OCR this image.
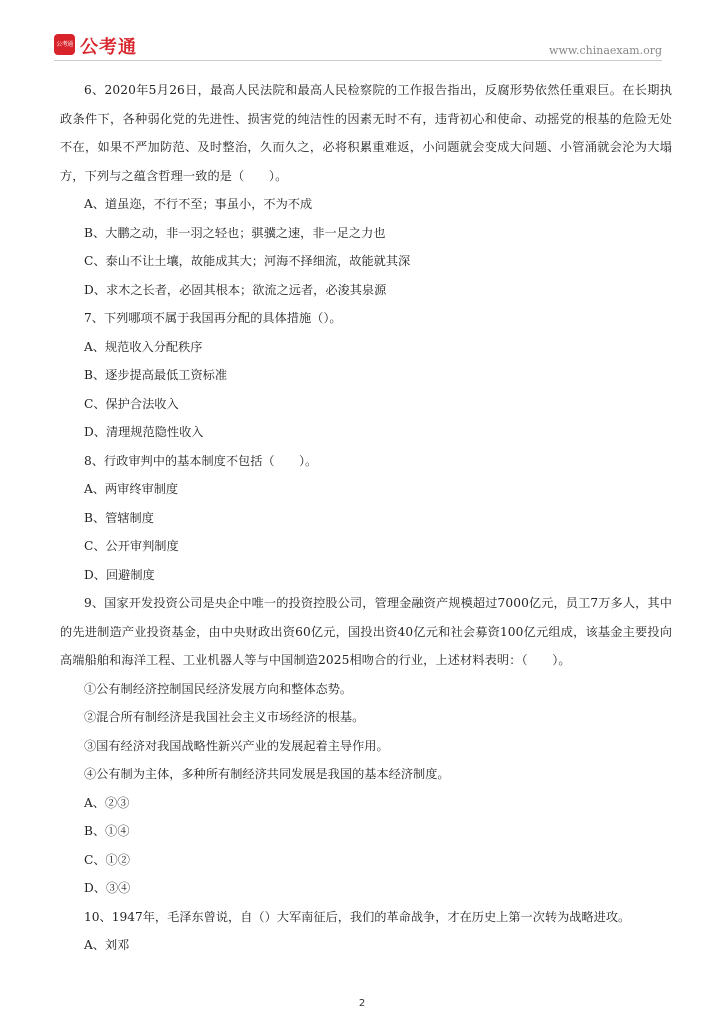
公考通 公考通	www.chinaexam.org

6、2020年5月26日，最高人民法院和最高人民检察院的工作报告指出，反腐形势依然任重艰巨。在长期执政条件下，各种弱化党的先进性、损害党的纯洁性的因素无时不有，违背初心和使命、动摇党的根基的危险无处不在，如果不严加防范、及时整治，久而久之，必将积累重难返，小问题就会变成大问题、小管涌就会沦为大塌方，下列与之蕴含哲理一致的是（　　）。

A、道虽迩，不行不至；事虽小，不为不成

B、大鹏之动，非一羽之轻也；骐骥之速，非一足之力也

C、泰山不让土壤，故能成其大；河海不择细流，故能就其深

D、求木之长者，必固其根本；欲流之远者，必浚其泉源

7、下列哪项不属于我国再分配的具体措施（）。

A、规范收入分配秩序

B、逐步提高最低工资标准

C、保护合法收入

D、清理规范隐性收入

8、行政审判中的基本制度不包括（　　）。

A、两审终审制度

B、管辖制度

C、公开审判制度

D、回避制度

9、国家开发投资公司是央企中唯一的投资控股公司，管理金融资产规模超过7000亿元，员工7万多人，其中的先进制造产业投资基金，由中央财政出资60亿元，国投出资40亿元和社会募资100亿元组成，该基金主要投向高端船舶和海洋工程、工业机器人等与中国制造2025相吻合的行业，上述材料表明：（　　）。

①公有制经济控制国民经济发展方向和整体态势。

②混合所有制经济是我国社会主义市场经济的根基。

③国有经济对我国战略性新兴产业的发展起着主导作用。

④公有制为主体，多种所有制经济共同发展是我国的基本经济制度。

A、②③

B、①④

C、①②

D、③④

10、1947年，毛泽东曾说，自（）大军南征后，我们的革命战争，才在历史上第一次转为战略进攻。

A、刘邓

2
